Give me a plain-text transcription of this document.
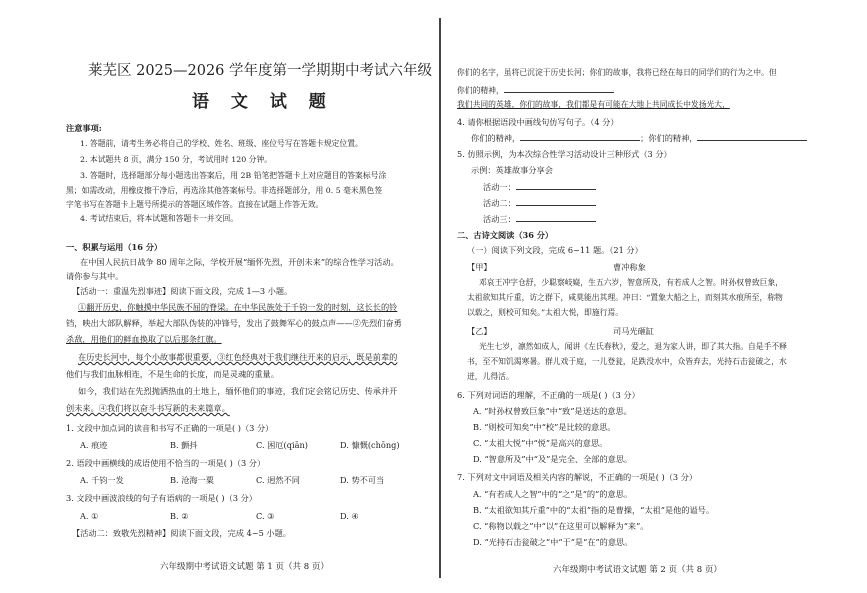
莱芜区 2025—2026 学年度第一学期期中考试六年级
语 文 试 题
注意事项:
1. 答题前，请考生务必将自己的学校、姓名、班级、座位号写在答题卡规定位置。
2. 本试题共 8 页，满分 150 分，考试用时 120 分钟。
3. 答题时，选择题部分每小题选出答案后，用 2B 铅笔把答题卡上对应题目的答案标号涂
黑；如需改动，用橡皮擦干净后，再选涂其他答案标号。非选择题部分，用 0. 5 毫米黑色签
字笔书写在答题卡上题号所提示的答题区域作答。直接在试题上作答无效。
4. 考试结束后，将本试题和答题卡一并交回。
一、积累与运用（16 分）
在中国人民抗日战争 80 周年之际，学校开展“缅怀先烈，开创未来”的综合性学习活动。
请你参与其中。
【活动一：重温先烈事迹】阅读下面文段，完成 1—3 小题。
①翻开历史，你触摸中华民族不屈的脊梁。在中华民族处于千钧一发的时刻，这长长的铃
铛，映出大部队解释，举起大部队伪装的冲锋号，发出了鼓舞军心的鼓点声——②先烈们奋勇
杀敌，用他们的鲜血换取了以后那条红旗。
在历史长河中，每个小故事都很重要，③红色经典对于我们继往开来的启示，既是前辈的
他们与我们血脉相连，不是生命的长度，而是灵魂的重量。
如今，我们站在先烈抛洒热血的土地上，缅怀他们的事迹，我们定会铭记历史、传承并开
创未来。④我们将以奋斗书写新的未来篇章。
1. 文段中加点词的读音和书写不正确的一项是( )（3 分）
A. 痕迹	B. 颤抖	C. 困厄(qiān)	D. 慷慨(chōng)
2. 语段中画横线的成语使用不恰当的一项是( )（3 分）
A. 千钧一发	B. 沧海一粟	C. 迥然不同	D. 势不可当
3. 文段中画波浪线的句子有语病的一项是( )（3 分）
A. ①	B. ②	C. ③	D. ④
【活动二：致敬先烈精神】阅读下面文段，完成 4~5 小题。
六年级期中考试语文试题 第 1 页（共 8 页）
你们的名字，虽将已沉淀于历史长河；你们的故事，我将已经在每日的同学们的行为之中。但
你们的精神，
我们共同的英雄，你们的故事，我们都是有可能在大地上共同成长中发扬光大，
4. 请你根据语段中画线句仿写句子。（4 分）
你们的精神，	；你们的精神，
5. 仿照示例，为本次综合性学习活动设计三种形式（3 分）
示例：英雄故事分享会
活动一：
活动二：
活动三：
二、古诗文阅读（36 分）
（一）阅读下列文段，完成 6~11 题。（21 分）
【甲】	曹冲称象
邓哀王冲字仓舒，少聪察岐嶷，生五六岁，智意所及，有若成人之智。时孙权曾致巨象，
太祖欲知其斤重，访之群下，咸莫能出其理。冲曰：“置象大船之上，而刻其水痕所至，称物
以载之，则校可知矣。”太祖大悦，即施行焉。
【乙】	司马光砸缸
光生七岁，凛然如成人，闻讲《左氏春秋》，爱之，退为家人讲，即了其大指。自是手不释
书，至不知饥渴寒暑。群儿戏于庭，一儿登瓮，足跌没水中，众皆弃去，光持石击瓮破之，水
迸，儿得活。
6. 下列对词语的理解，不正确的一项是( )（3 分）
A. “时孙权曾致巨象”中“致”是送达的意思。
B. “则校可知矣”中“校”是比较的意思。
C. “太祖大悦”中“悦”是高兴的意思。
D. “智意所及”中“及”是完全、全部的意思。
7. 下列对文中词语及相关内容的解说，不正确的一项是( )（3 分）
A. “有若成人之智”中的“之”是“的”的意思。
B. “太祖欲知其斤重”中的“太祖”指的是曹操，“太祖”是他的谥号。
C. “称物以载之”中“以”在这里可以解释为“来”。
D. “光持石击瓮破之”中“于”是“在”的意思。
六年级期中考试语文试题 第 2 页（共 8 页）
